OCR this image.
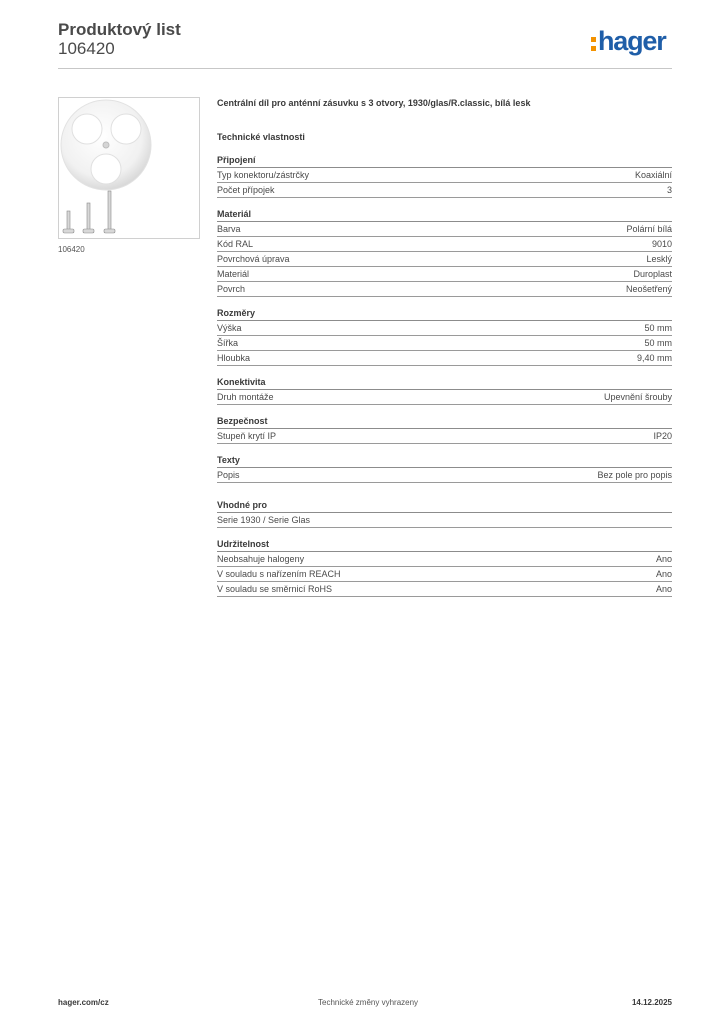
Produktový list
106420	hager
106420
Centrální díl pro anténní zásuvku s 3 otvory, 1930/glas/R.classic, bílá lesk
Technické vlastnosti
Připojení
Typ konektoru/zástrčky	Koaxiální
Počet přípojek	3
Materiál
Barva	Polární bílá
Kód RAL	9010
Povrchová úprava	Lesklý
Materiál	Duroplast
Povrch	Neošetřený
Rozměry
Výška	50 mm
Šířka	50 mm
Hloubka	9,40 mm
Konektivita
Druh montáže	Upevnění šrouby
Bezpečnost
Stupeň krytí IP	IP20
Texty
Popis	Bez pole pro popis
Vhodné pro
Serie 1930 / Serie Glas
Udržitelnost
Neobsahuje halogeny	Ano
V souladu s nařízením REACH	Ano
V souladu se směrnicí RoHS	Ano
hager.com/cz	Technické změny vyhrazeny	14.12.2025
